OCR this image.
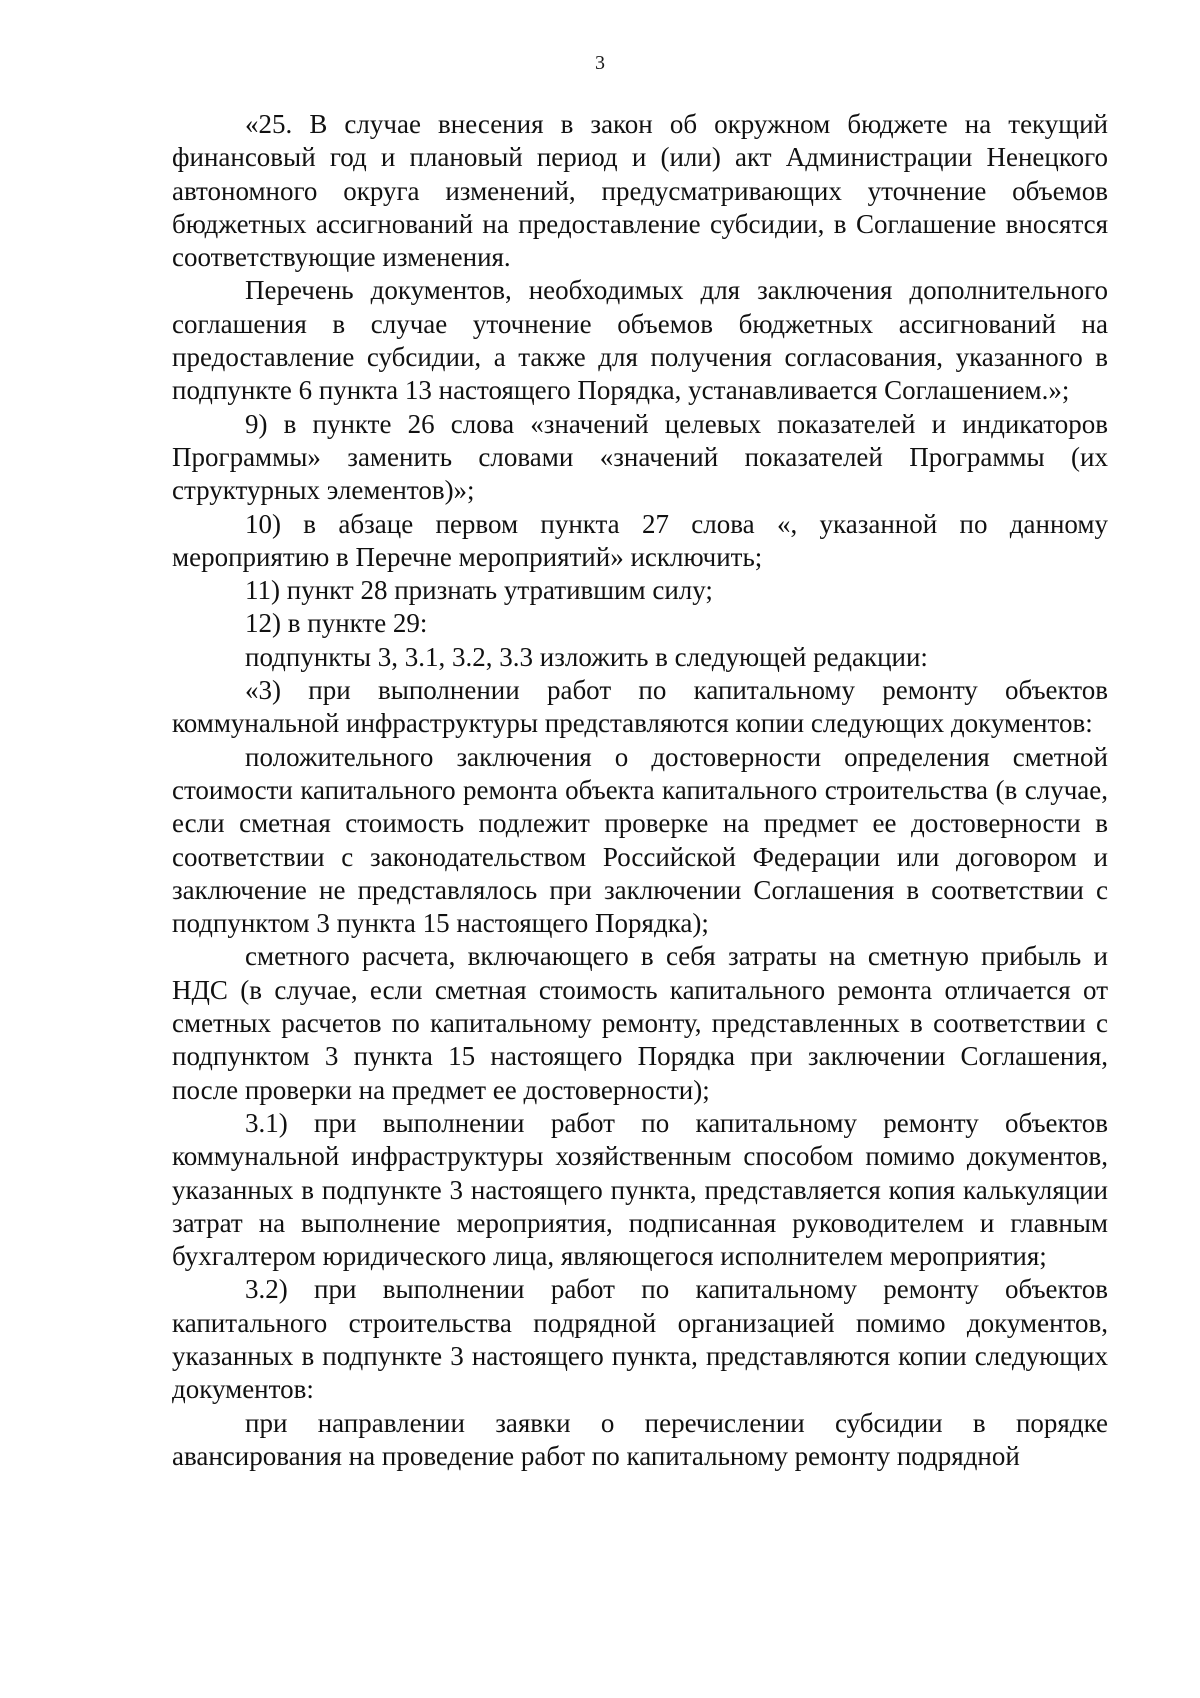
3

«25. В случае внесения в закон об окружном бюджете на текущий финансовый год и плановый период и (или) акт Администрации Ненецкого автономного округа изменений, предусматривающих уточнение объемов бюджетных ассигнований на предоставление субсидии, в Соглашение вносятся соответствующие изменения.

Перечень документов, необходимых для заключения дополнительного соглашения в случае уточнение объемов бюджетных ассигнований на предоставление субсидии, а также для получения согласования, указанного в подпункте 6 пункта 13 настоящего Порядка, устанавливается Соглашением.»;

9) в пункте 26 слова «значений целевых показателей и индикаторов Программы» заменить словами «значений показателей Программы (их структурных элементов)»;

10) в абзаце первом пункта 27 слова «, указанной по данному мероприятию в Перечне мероприятий» исключить;

11) пункт 28 признать утратившим силу;

12) в пункте 29:

подпункты 3, 3.1, 3.2, 3.3 изложить в следующей редакции:

«3) при выполнении работ по капитальному ремонту объектов коммунальной инфраструктуры представляются копии следующих документов:

положительного заключения о достоверности определения сметной стоимости капитального ремонта объекта капитального строительства (в случае, если сметная стоимость подлежит проверке на предмет ее достоверности в соответствии с законодательством Российской Федерации или договором и заключение не представлялось при заключении Соглашения в соответствии с подпунктом 3 пункта 15 настоящего Порядка);

сметного расчета, включающего в себя затраты на сметную прибыль и НДС (в случае, если сметная стоимость капитального ремонта отличается от сметных расчетов по капитальному ремонту, представленных в соответствии с подпунктом 3 пункта 15 настоящего Порядка при заключении Соглашения, после проверки на предмет ее достоверности);

3.1) при выполнении работ по капитальному ремонту объектов коммунальной инфраструктуры хозяйственным способом помимо документов, указанных в подпункте 3 настоящего пункта, представляется копия калькуляции затрат на выполнение мероприятия, подписанная руководителем и главным бухгалтером юридического лица, являющегося исполнителем мероприятия;

3.2) при выполнении работ по капитальному ремонту объектов капитального строительства подрядной организацией помимо документов, указанных в подпункте 3 настоящего пункта, представляются копии следующих документов:

при направлении заявки о перечислении субсидии в порядке авансирования на проведение работ по капитальному ремонту подрядной
